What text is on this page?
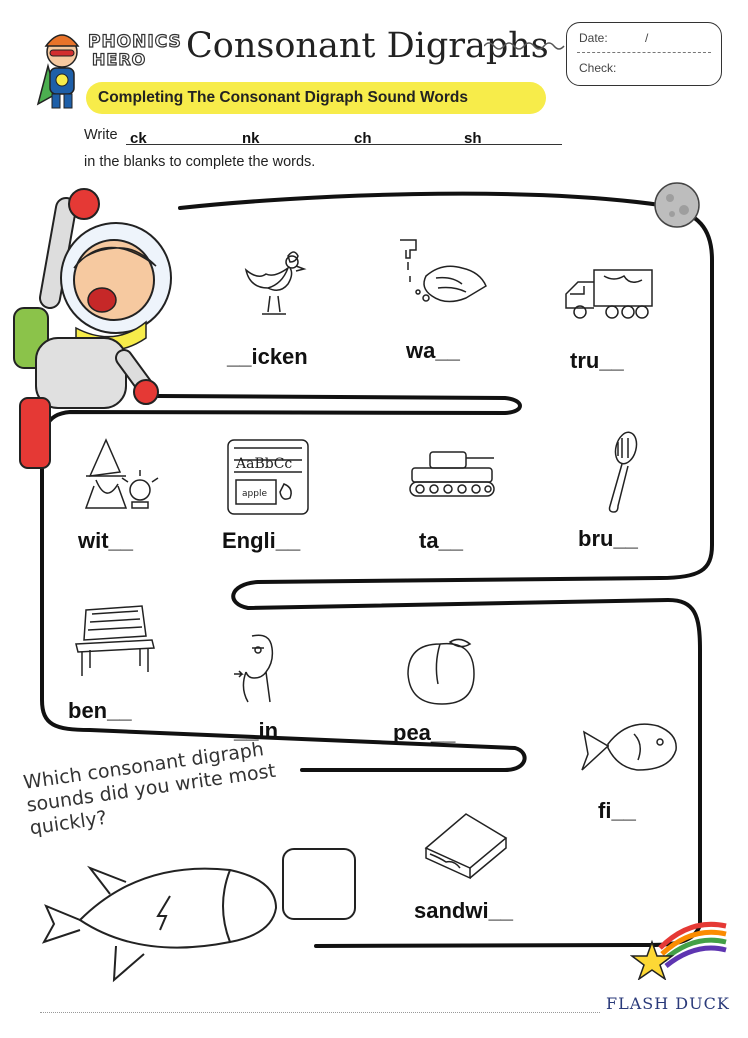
PHONICS
HERO Consonant Digraphs	Date:	/
Check:
Completing The Consonant Digraph Sound Words
Write ck	nk	ch	sh
in the blanks to complete the words.
__icken	wa__	tru__
AaBbCc
apple
wit__	Engli__	ta__	bru__
ben__
__in	pea__
fi__
Which consonant digraph sounds did you write most quickly?
sandwi__
FLASH DUCK
